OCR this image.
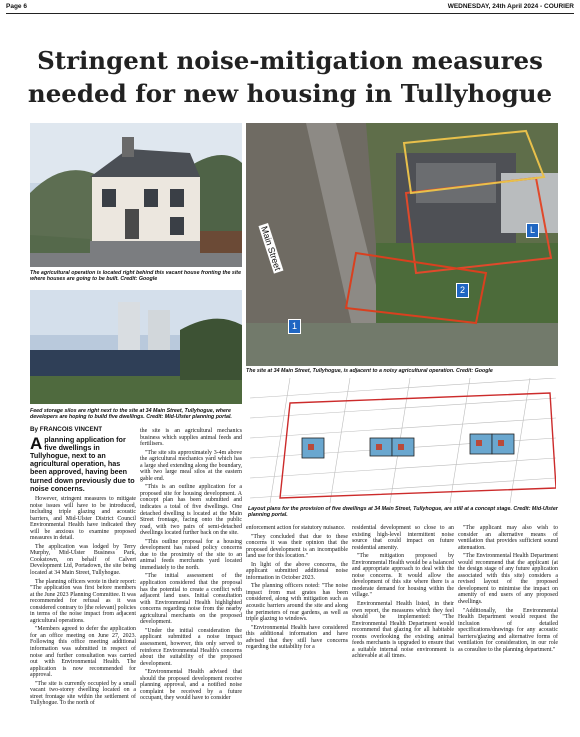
Page 6	WEDNESDAY, 24th April 2024 - COURIER
Stringent noise-mitigation measures needed for new housing in Tullyhogue
The agricultural operation is located right behind this vacant house fronting the site where houses are going to be built. Credit: Google
Feed storage silos are right next to the site at 34 Main Street, Tullyhogue, where developers are hoping to build five dwellings. Credit: Mid-Ulster planning portal.
Main Street
1
2
L
The site at 34 Main Street, Tullyhogue, is adjacent to a noisy agricultural operation. Credit: Google
Layout plans for the provision of five dwellings at 34 Main Street, Tullyhogue, are still at a concept stage. Credit: Mid-Ulster planning portal.
By FRANCOIS VINCENT
Aplanning application for five dwellings in Tullyhogue, next to an agricultural operation, has been approved, having been turned down previously due to noise concerns.

However, stringent measures to mitigate noise issues will have to be introduced, including triple glazing and acoustic barriers, and Mid-Ulster District Council Environmental Health have indicated they will be anxious to examine proposed measures in detail.

The application was lodged by Terry Murphy, Mid-Ulster Business Park, Cookstown, on behalf of Calvert Development Ltd, Portadown, the site being located at 34 Main Street, Tullyhogue.

The planning officers wrote in their report: "The application was first before members at the June 2023 Planning Committee. It was recommended for refusal as it was considered contrary to [the relevant] policies in terms of the noise impact from adjacent agricultural operations.

"Members agreed to defer the application for an office meeting on June 27, 2023. Following this office meeting additional information was submitted in respect of noise and further consultation was carried out with Environmental Health. The application is now recommended for approval.

"The site is currently occupied by a small vacant two-storey dwelling located on a street frontage site within the settlement of Tullyhogue. To the north of

the site is an agricultural mechanics business which supplies animal feeds and fertilisers.

"The site sits approximately 3-4m above the agricultural mechanics yard which has a large shed extending along the boundary, with two large meal silos at the eastern gable end.

"This is an outline application for a proposed site for housing development. A concept plan has been submitted and indicates a total of five dwellings. One detached dwelling is located at the Main Street frontage, facing onto the public road, with two pairs of semi-detached dwellings located further back on the site.

"This outline proposal for a housing development has raised policy concerns due to the proximity of the site to an animal feeds merchants yard located immediately to the north.

"The initial assessment of the application considered that the proposal has the potential to create a conflict with adjacent land uses. Initial consultation with Environmental Health highlighted concerns regarding noise from the nearby agricultural merchants on the proposed development.

"Under the initial consideration the applicant submitted a noise impact assessment, however, this only served to reinforce Environmental Health's concerns about the suitability of the proposed development.

"Environmental Health advised that should the proposed development receive planning approval, and a notified noise complaint be received by a future occupant, they would have to consider

enforcement action for statutory nuisance.

"They concluded that due to these concerns it was their opinion that the proposed development is an incompatible land use for this location."

In light of the above concerns, the applicant submitted additional noise information in October 2023.

The planning officers noted: "The noise impact from mat grates has been considered, along with mitigation such as acoustic barriers around the site and along the perimeters of rear gardens, as well as triple glazing to windows.

"Environmental Health have considered this additional information and have advised that they still have concerns regarding the suitability for a

residential development so close to an existing high-level intermittent noise source that could impact on future residential amenity.

"The mitigation proposed by Environmental Health would be a balanced and appropriate approach to deal with the noise concerns. It would allow the development of this site where there is a moderate demand for housing within the village."

Environmental Health listed, in their own report, the measures which they feel should be implemented: "The Environmental Health Department would recommend that glazing for all habitable rooms overlooking the existing animal feeds merchants is upgraded to ensure that a suitable internal noise environment is achievable at all times.

"The applicant may also wish to consider an alternative means of ventilation that provides sufficient sound attenuation.

"The Environmental Health Department would recommend that the applicant (at the design stage of any future application associated with this site) considers a revised layout of the proposed development to minimise the impact on amenity of end users of any proposed dwellings.

"Additionally, the Environmental Health Department would request the inclusion of detailed specifications/drawings for any acoustic barriers/glazing and alternative forms of ventilation for consideration, in our role as consultee to the planning department."
